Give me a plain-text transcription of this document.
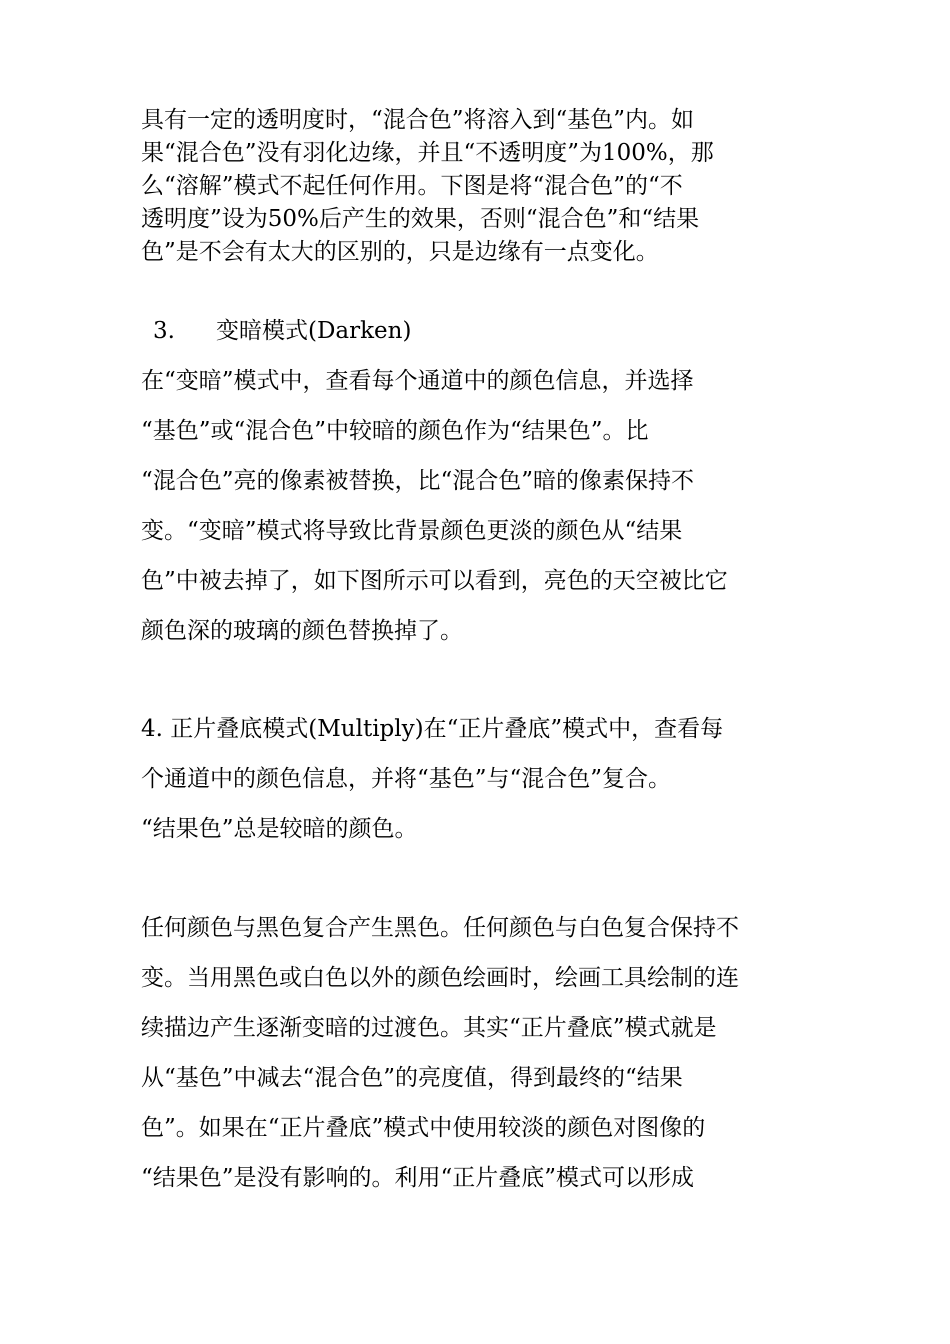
具有一定的透明度时，“混合色”将溶入到“基色”内。如
果“混合色”没有羽化边缘，并且“不透明度”为100%，那
么“溶解”模式不起任何作用。下图是将“混合色”的“不
透明度”设为50%后产生的效果，否则“混合色”和“结果
色”是不会有太大的区别的，只是边缘有一点变化。
3. 变暗模式(Darken)
在“变暗”模式中，查看每个通道中的颜色信息，并选择
“基色”或“混合色”中较暗的颜色作为“结果色”。比
“混合色”亮的像素被替换，比“混合色”暗的像素保持不
变。“变暗”模式将导致比背景颜色更淡的颜色从“结果
色”中被去掉了，如下图所示可以看到，亮色的天空被比它
颜色深的玻璃的颜色替换掉了。
4. 正片叠底模式(Multiply)在“正片叠底”模式中，查看每
个通道中的颜色信息，并将“基色”与“混合色”复合。
“结果色”总是较暗的颜色。
任何颜色与黑色复合产生黑色。任何颜色与白色复合保持不
变。当用黑色或白色以外的颜色绘画时，绘画工具绘制的连
续描边产生逐渐变暗的过渡色。其实“正片叠底”模式就是
从“基色”中减去“混合色”的亮度值，得到最终的“结果
色”。如果在“正片叠底”模式中使用较淡的颜色对图像的
“结果色”是没有影响的。利用“正片叠底”模式可以形成
